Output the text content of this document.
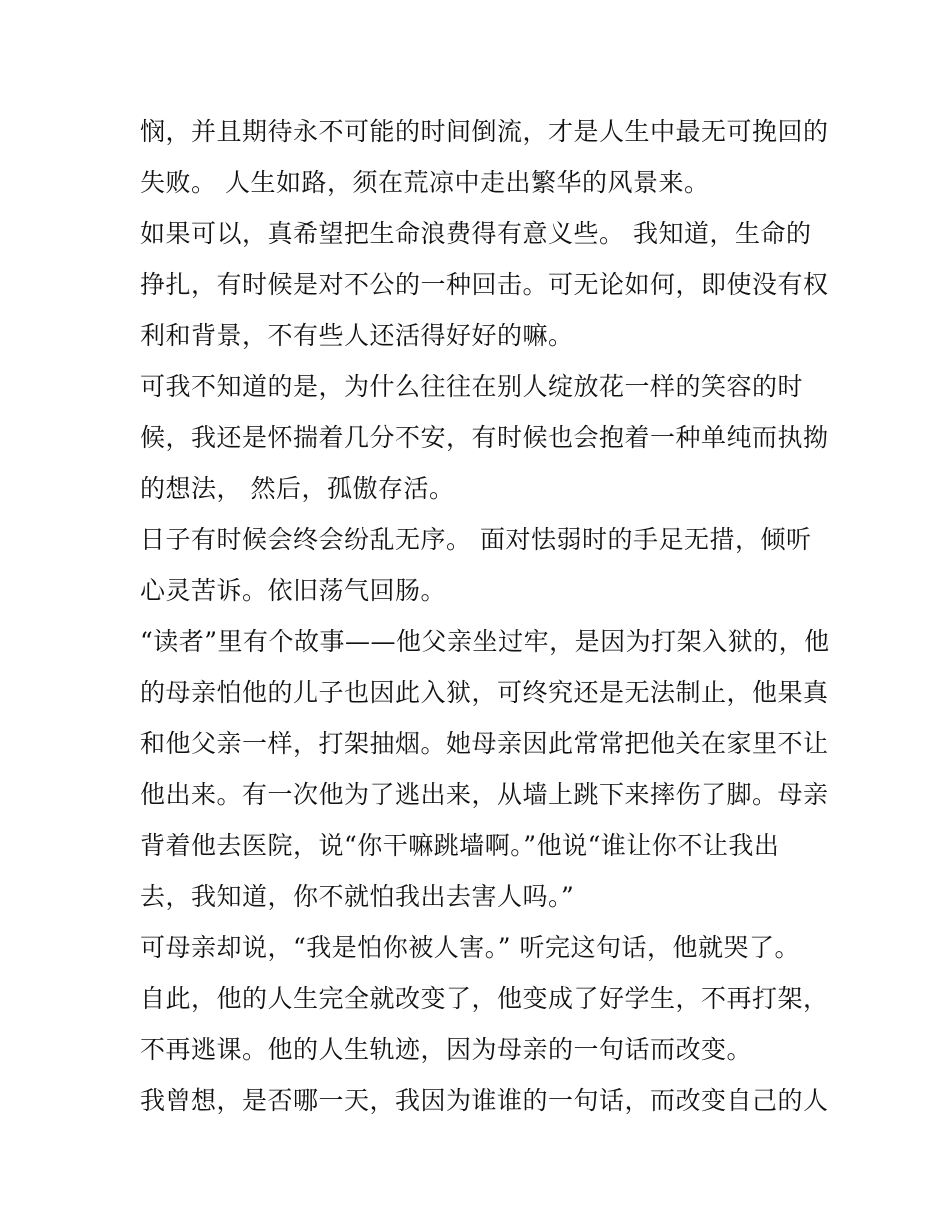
悯，并且期待永不可能的时间倒流，才是人生中最无可挽回的
失败。 人生如路，须在荒凉中走出繁华的风景来。
如果可以，真希望把生命浪费得有意义些。 我知道，生命的
挣扎，有时候是对不公的一种回击。可无论如何，即使没有权
利和背景，不有些人还活得好好的嘛。
可我不知道的是，为什么往往在别人绽放花一样的笑容的时
候，我还是怀揣着几分不安，有时候也会抱着一种单纯而执拗
的想法， 然后，孤傲存活。
日子有时候会终会纷乱无序。 面对怯弱时的手足无措，倾听
心灵苦诉。依旧荡气回肠。
“读者”里有个故事——他父亲坐过牢，是因为打架入狱的，他
的母亲怕他的儿子也因此入狱，可终究还是无法制止，他果真
和他父亲一样，打架抽烟。她母亲因此常常把他关在家里不让
他出来。有一次他为了逃出来，从墙上跳下来摔伤了脚。母亲
背着他去医院，说“你干嘛跳墙啊。”他说“谁让你不让我出
去，我知道，你不就怕我出去害人吗。”
可母亲却说，“我是怕你被人害。” 听完这句话，他就哭了。
自此，他的人生完全就改变了，他变成了好学生，不再打架，
不再逃课。他的人生轨迹，因为母亲的一句话而改变。
我曾想，是否哪一天，我因为谁谁的一句话，而改变自己的人
